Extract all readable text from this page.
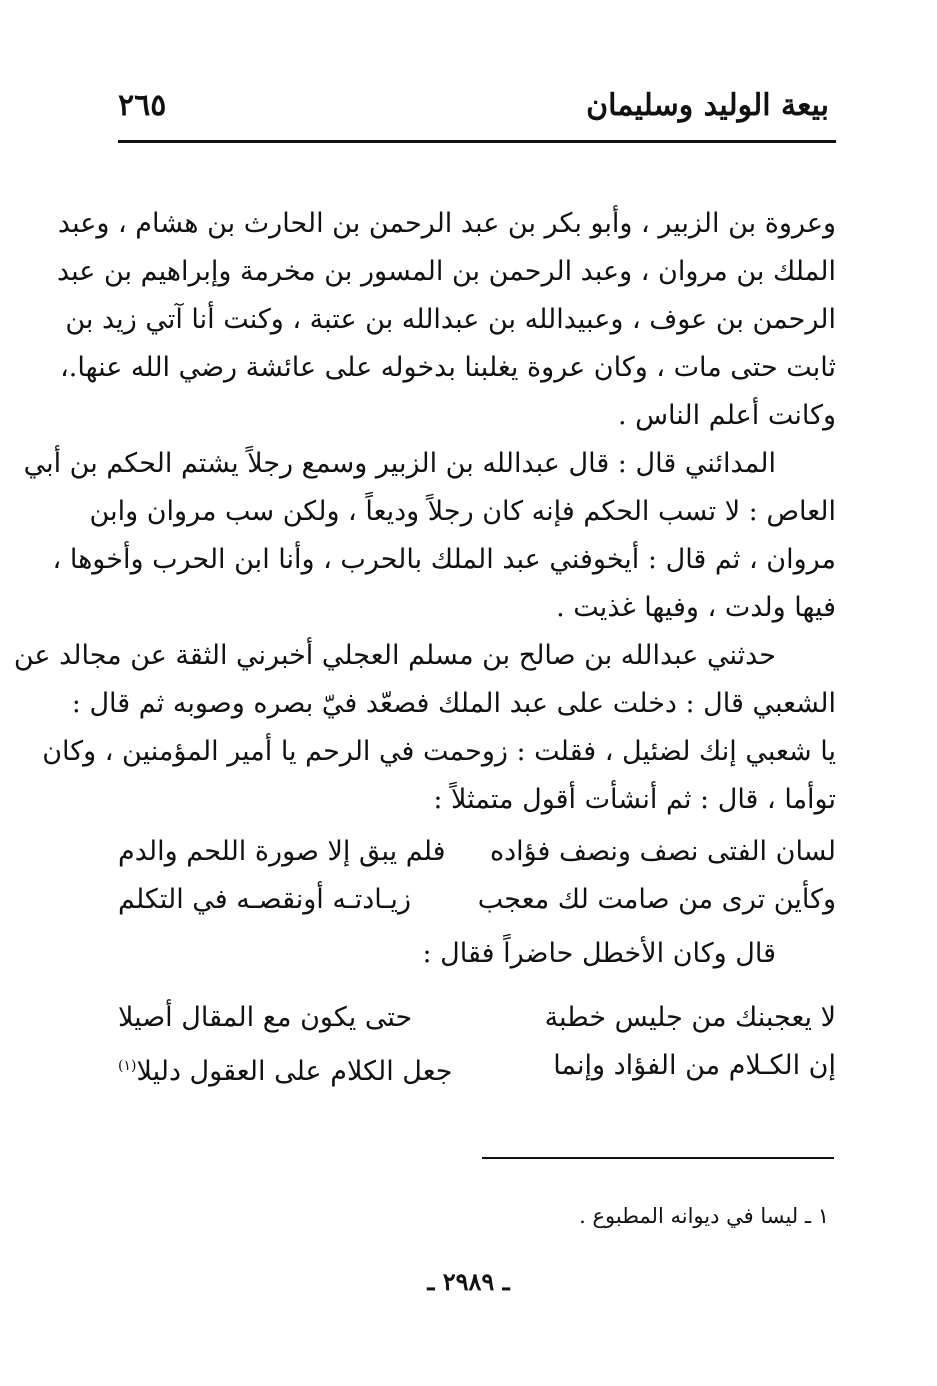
بيعة الوليد وسليمان
٢٦٥

وعروة بن الزبير ، وأبو بكر بن عبد الرحمن بن الحارث بن هشام ، وعبد
الملك بن مروان ، وعبد الرحمن بن المسور بن مخرمة وإبراهيم بن عبد
الرحمن بن عوف ، وعبيدالله بن عبدالله بن عتبة ، وكنت أنا آتي زيد بن
ثابت حتى مات ، وكان عروة يغلبنا بدخوله على عائشة رضي الله عنها.،
وكانت أعلم الناس .

المدائني قال : قال عبدالله بن الزبير وسمع رجلاً يشتم الحكم بن أبي
العاص : لا تسب الحكم فإنه كان رجلاً وديعاً ، ولكن سب مروان وابن
مروان ، ثم قال : أيخوفني عبد الملك بالحرب ، وأنا ابن الحرب وأخوها ،
فيها ولدت ، وفيها غذيت .

حدثني عبدالله بن صالح بن مسلم العجلي أخبرني الثقة عن مجالد عن
الشعبي قال : دخلت على عبد الملك فصعّد فيّ بصره وصوبه ثم قال :
يا شعبي إنك لضئيل ، فقلت : زوحمت في الرحم يا أمير المؤمنين ، وكان
توأما ، قال : ثم أنشأت أقول متمثلاً :

لسان الفتى نصف ونصف فؤاده
فلم يبق إلا صورة اللحم والدم
وكأين ترى من صامت لك معجب
زيـادتـه أونقصـه في التكلم
قال وكان الأخطل حاضراً فقال :
لا يعجبنك من جليس خطبة
حتى يكون مع المقال أصيلا
إن الكـلام من الفؤاد وإنما
جعل الكلام على العقول دليلا$^{(١)}$
١ ـ ليسا في ديوانه المطبوع .
ـ ٢٩٨٩ ـ
